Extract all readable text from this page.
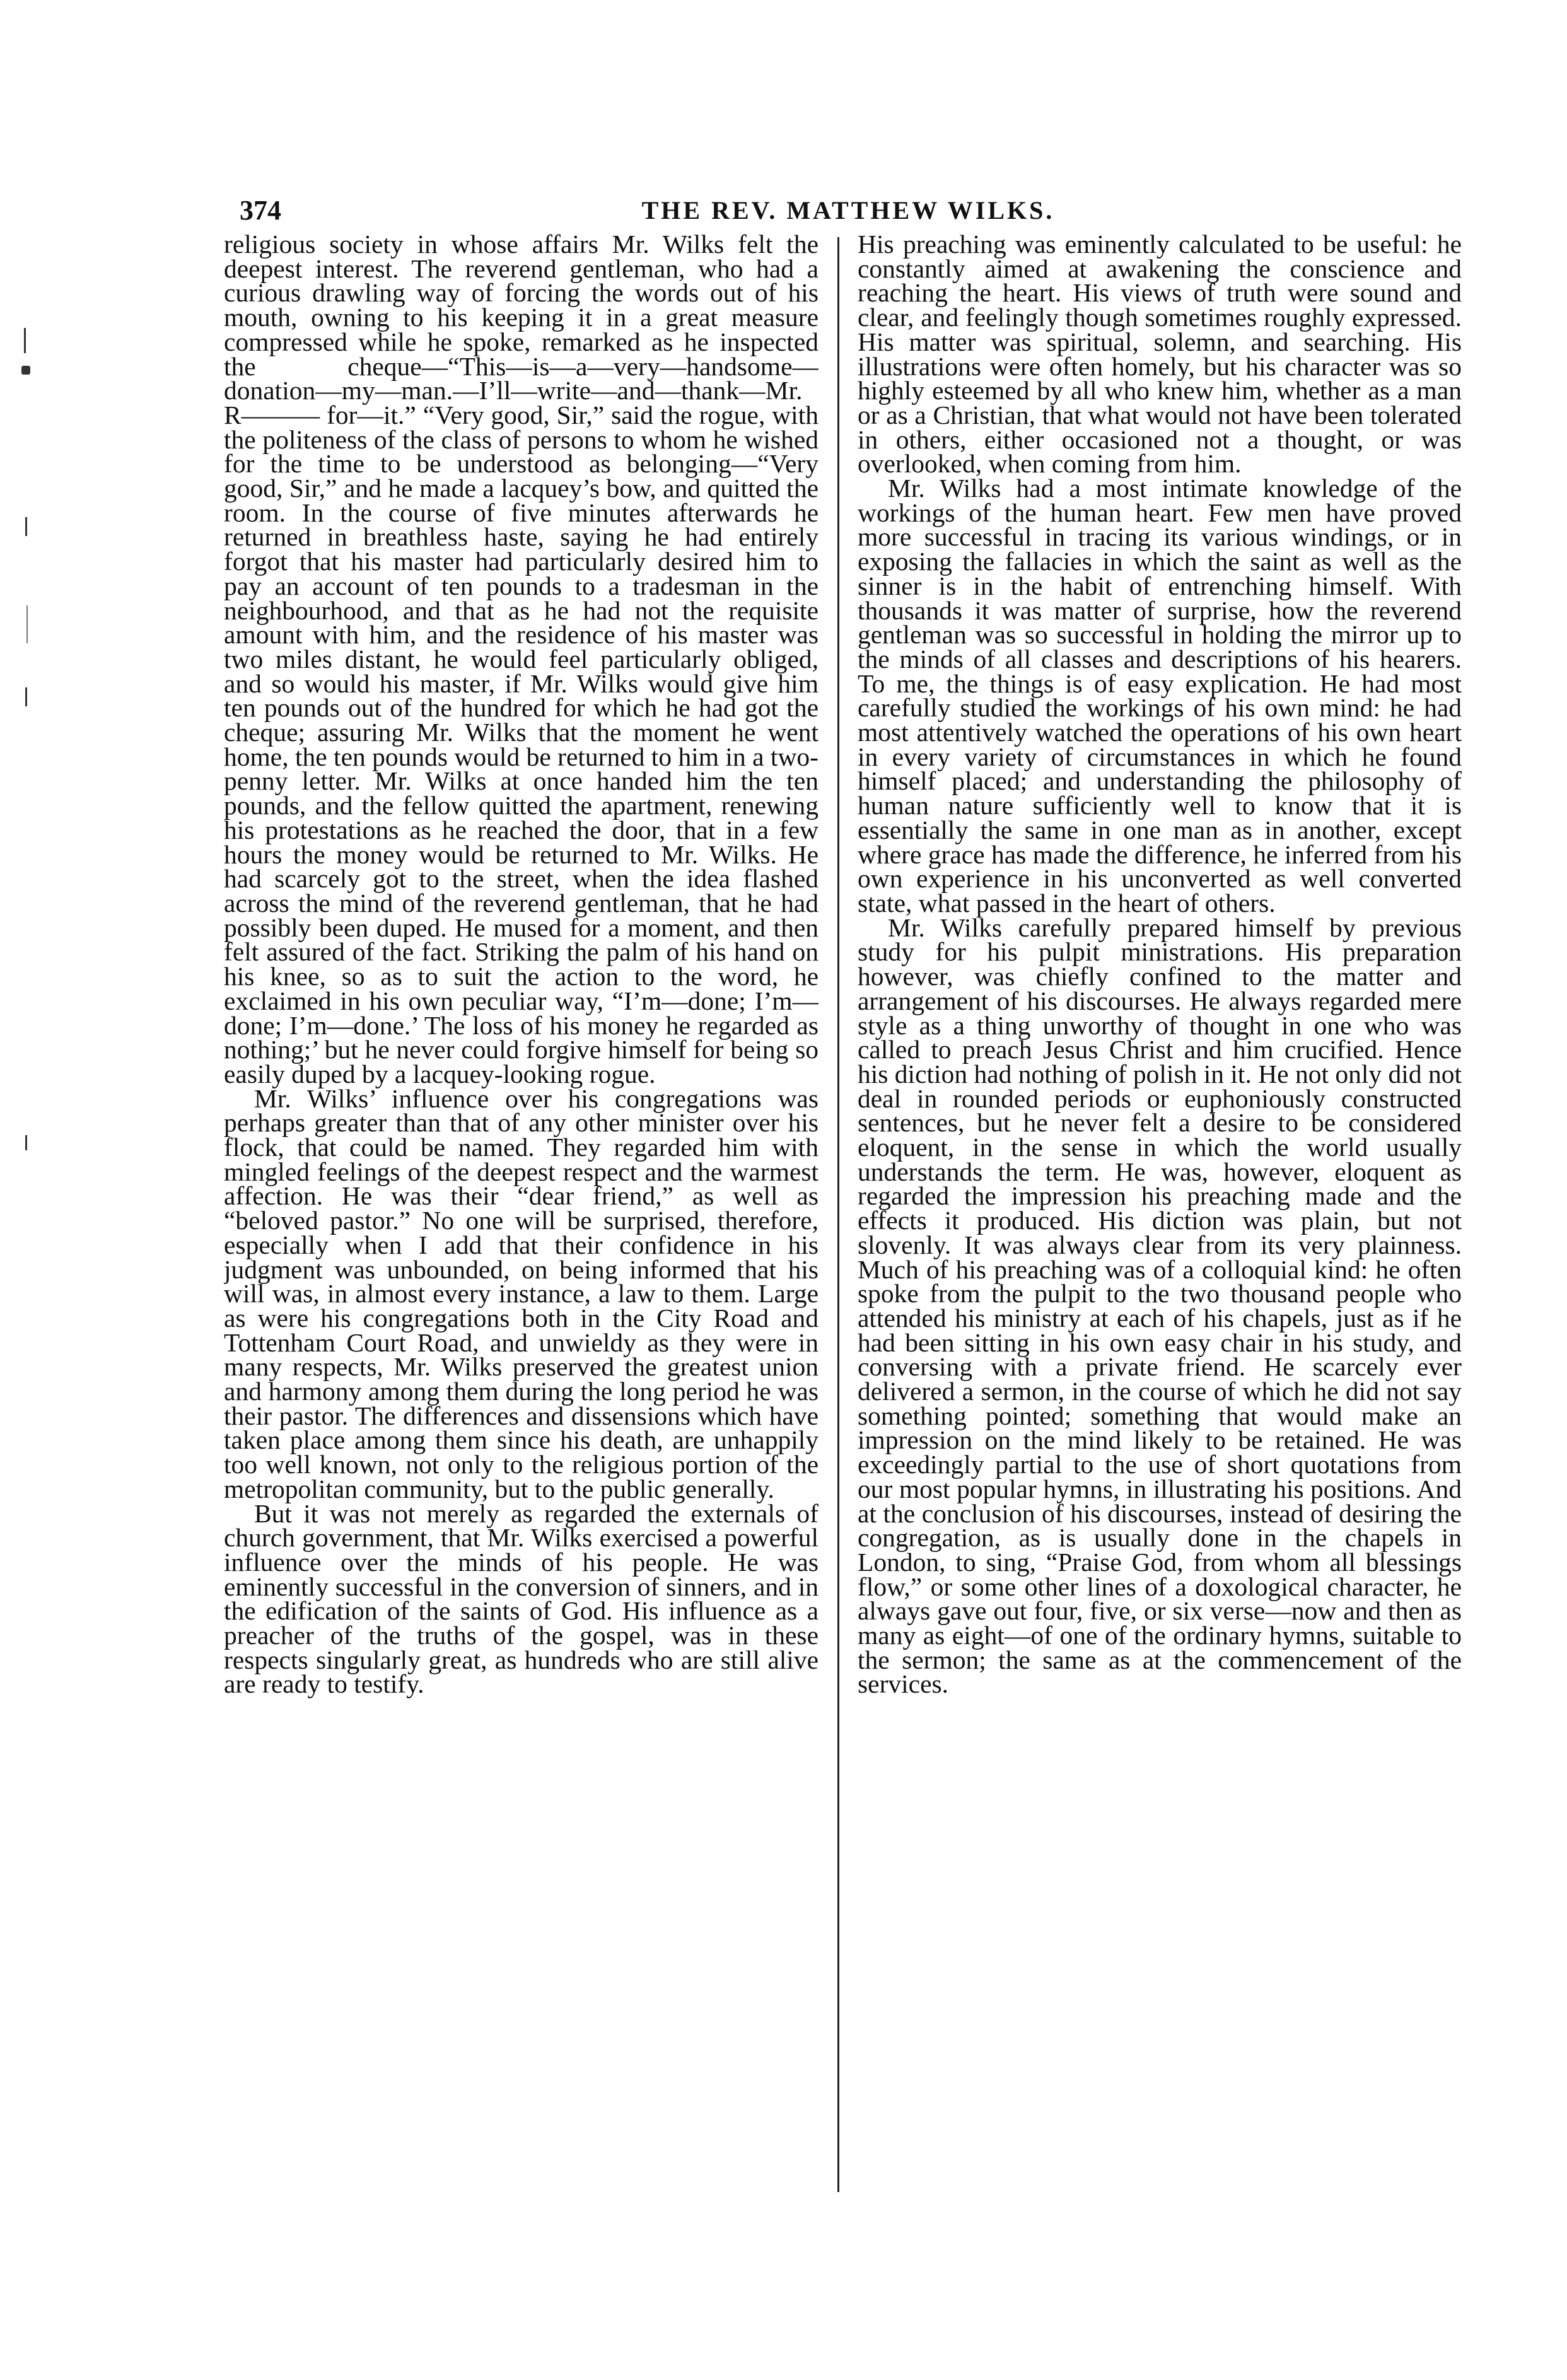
374	THE REV. MATTHEW WILKS.

religious society in whose affairs Mr. Wilks felt the deepest interest. The reverend gentleman, who had a curious drawling way of forcing the words out of his mouth, owning to his keeping it in a great measure compressed while he spoke, remarked as he inspected the cheque—“This—is—a—very—handsome—donation—my—man.—I’ll—write—and—thank—Mr. R——— for—it.” “Very good, Sir,” said the rogue, with the politeness of the class of persons to whom he wished for the time to be understood as belonging—“Very good, Sir,” and he made a lacquey’s bow, and quitted the room. In the course of five minutes afterwards he returned in breathless haste, saying he had entirely forgot that his master had particularly desired him to pay an account of ten pounds to a tradesman in the neighbourhood, and that as he had not the requisite amount with him, and the residence of his master was two miles distant, he would feel particularly obliged, and so would his master, if Mr. Wilks would give him ten pounds out of the hundred for which he had got the cheque; assuring Mr. Wilks that the moment he went home, the ten pounds would be returned to him in a two-penny letter. Mr. Wilks at once handed him the ten pounds, and the fellow quitted the apartment, renewing his protestations as he reached the door, that in a few hours the money would be returned to Mr. Wilks. He had scarcely got to the street, when the idea flashed across the mind of the reverend gentleman, that he had possibly been duped. He mused for a moment, and then felt assured of the fact. Striking the palm of his hand on his knee, so as to suit the action to the word, he exclaimed in his own peculiar way, “I’m—done; I’m—done; I’m—done.’ The loss of his money he regarded as nothing;’ but he never could forgive himself for being so easily duped by a lacquey-looking rogue.

Mr. Wilks’ influence over his congregations was perhaps greater than that of any other minister over his flock, that could be named. They regarded him with mingled feelings of the deepest respect and the warmest affection. He was their “dear friend,” as well as “beloved pastor.” No one will be surprised, therefore, especially when I add that their confidence in his judgment was unbounded, on being informed that his will was, in almost every instance, a law to them. Large as were his congregations both in the City Road and Tottenham Court Road, and unwieldy as they were in many respects, Mr. Wilks preserved the greatest union and harmony among them during the long period he was their pastor. The differences and dissensions which have taken place among them since his death, are unhappily too well known, not only to the religious portion of the metropolitan community, but to the public generally.

But it was not merely as regarded the externals of church government, that Mr. Wilks exercised a powerful influence over the minds of his people. He was eminently successful in the conversion of sinners, and in the edification of the saints of God. His influence as a preacher of the truths of the gospel, was in these respects singularly great, as hundreds who are still alive are ready to testify.

His preaching was eminently calculated to be useful: he constantly aimed at awakening the conscience and reaching the heart. His views of truth were sound and clear, and feelingly though sometimes roughly expressed. His matter was spiritual, solemn, and searching. His illustrations were often homely, but his character was so highly esteemed by all who knew him, whether as a man or as a Christian, that what would not have been tolerated in others, either occasioned not a thought, or was overlooked, when coming from him.

Mr. Wilks had a most intimate knowledge of the workings of the human heart. Few men have proved more successful in tracing its various windings, or in exposing the fallacies in which the saint as well as the sinner is in the habit of entrenching himself. With thousands it was matter of surprise, how the reverend gentleman was so successful in holding the mirror up to the minds of all classes and descriptions of his hearers. To me, the things is of easy explication. He had most carefully studied the workings of his own mind: he had most attentively watched the operations of his own heart in every variety of circumstances in which he found himself placed; and understanding the philosophy of human nature sufficiently well to know that it is essentially the same in one man as in another, except where grace has made the difference, he inferred from his own experience in his unconverted as well converted state, what passed in the heart of others.

Mr. Wilks carefully prepared himself by previous study for his pulpit ministrations. His preparation however, was chiefly confined to the matter and arrangement of his discourses. He always regarded mere style as a thing unworthy of thought in one who was called to preach Jesus Christ and him crucified. Hence his diction had nothing of polish in it. He not only did not deal in rounded periods or euphoniously constructed sentences, but he never felt a desire to be considered eloquent, in the sense in which the world usually understands the term. He was, however, eloquent as regarded the impression his preaching made and the effects it produced. His diction was plain, but not slovenly. It was always clear from its very plainness. Much of his preaching was of a colloquial kind: he often spoke from the pulpit to the two thousand people who attended his ministry at each of his chapels, just as if he had been sitting in his own easy chair in his study, and conversing with a private friend. He scarcely ever delivered a sermon, in the course of which he did not say something pointed; something that would make an impression on the mind likely to be retained. He was exceedingly partial to the use of short quotations from our most popular hymns, in illustrating his positions. And at the conclusion of his discourses, instead of desiring the congregation, as is usually done in the chapels in London, to sing, “Praise God, from whom all blessings flow,” or some other lines of a doxological character, he always gave out four, five, or six verse—now and then as many as eight—of one of the ordinary hymns, suitable to the sermon; the same as at the commencement of the services.
